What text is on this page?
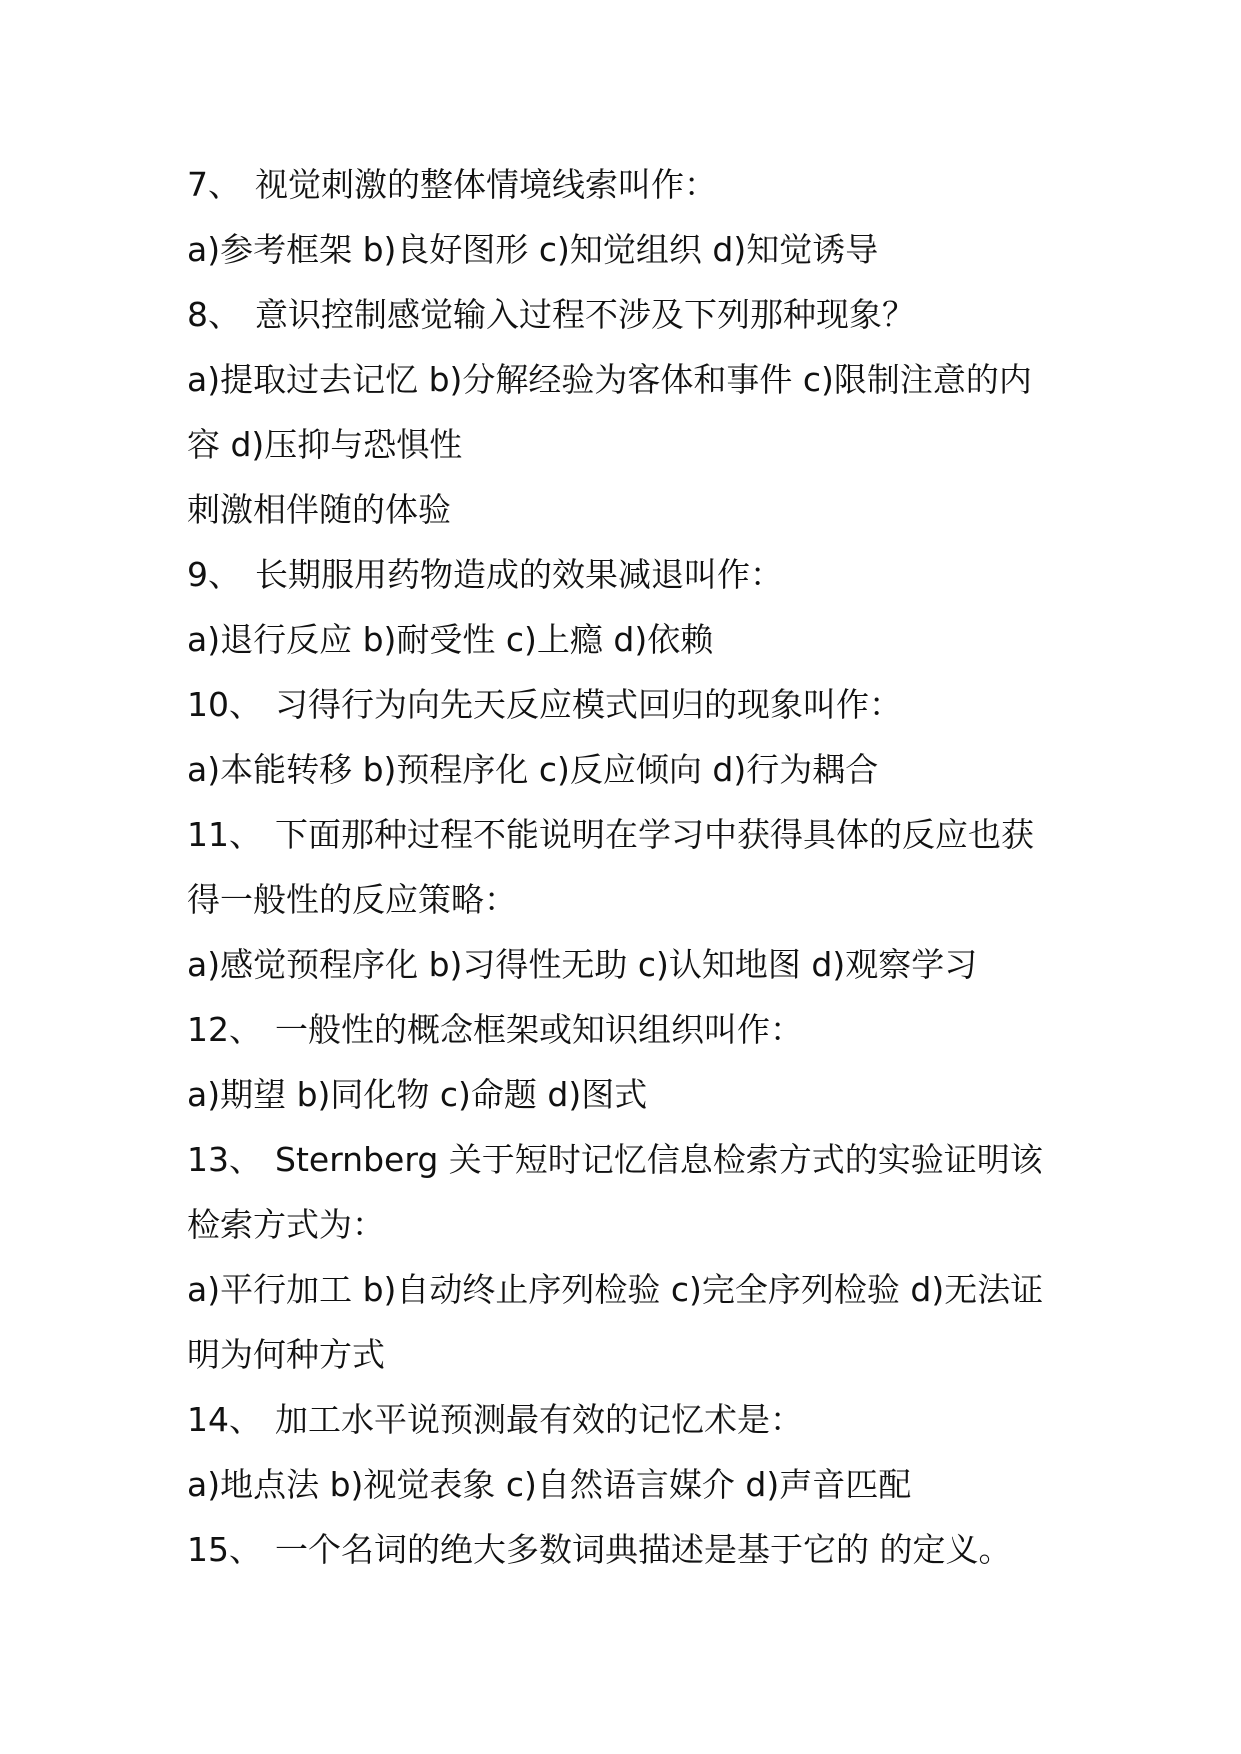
7、 视觉刺激的整体情境线索叫作：
a)参考框架 b)良好图形 c)知觉组织 d)知觉诱导
8、 意识控制感觉输入过程不涉及下列那种现象？
a)提取过去记忆 b)分解经验为客体和事件 c)限制注意的内
容 d)压抑与恐惧性
刺激相伴随的体验
9、 长期服用药物造成的效果减退叫作：
a)退行反应 b)耐受性 c)上瘾 d)依赖
10、 习得行为向先天反应模式回归的现象叫作：
a)本能转移 b)预程序化 c)反应倾向 d)行为耦合
11、 下面那种过程不能说明在学习中获得具体的反应也获
得一般性的反应策略：
a)感觉预程序化 b)习得性无助 c)认知地图 d)观察学习
12、 一般性的概念框架或知识组织叫作：
a)期望 b)同化物 c)命题 d)图式
13、 Sternberg 关于短时记忆信息检索方式的实验证明该
检索方式为：
a)平行加工 b)自动终止序列检验 c)完全序列检验 d)无法证
明为何种方式
14、 加工水平说预测最有效的记忆术是：
a)地点法 b)视觉表象 c)自然语言媒介 d)声音匹配
15、 一个名词的绝大多数词典描述是基于它的 的定义。
